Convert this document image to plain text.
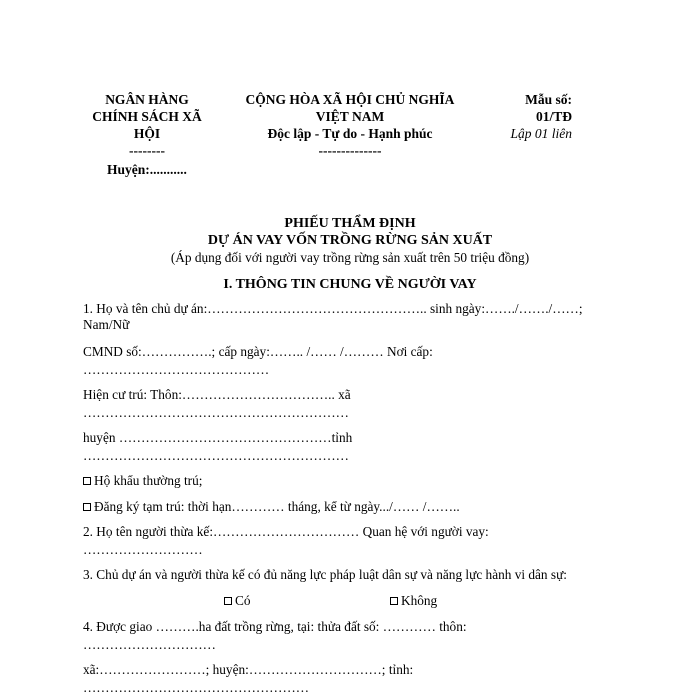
NGÂN HÀNG
CHÍNH SÁCH XÃ
HỘI
--------
Huyện:...........
CỘNG HÒA XÃ HỘI CHỦ NGHĨA
VIỆT NAM
Độc lập - Tự do - Hạnh phúc
--------------
Mẫu số:
01/TĐ
Lập 01 liên
PHIẾU THẨM ĐỊNH
DỰ ÁN VAY VỐN TRỒNG RỪNG SẢN XUẤT
(Áp dụng đối với người vay trồng rừng sản xuất trên 50 triệu đồng)
I. THÔNG TIN CHUNG VỀ NGƯỜI VAY
1. Họ và tên chủ dự án:………………………………………….. sinh ngày:……./……./……;
Nam/Nữ
CMND số:…………….; cấp ngày:…….. /…… /……… Nơi cấp:
……………………………………
Hiện cư trú: Thôn:…………………………….. xã
……………………………………………………
huyện …………………………………………tỉnh
……………………………………………………
Hộ khẩu thường trú;
Đăng ký tạm trú: thời hạn………… tháng, kể từ ngày.../…… /……..
2. Họ tên người thừa kế:…………………………… Quan hệ với người vay:
………………………
3. Chủ dự án và người thừa kế có đủ năng lực pháp luật dân sự và năng lực hành vi dân sự:
Có	Không
4. Được giao ……….ha đất trồng rừng, tại: thửa đất số: ………… thôn:
…………………………
xã:……………………; huyện:…………………………; tỉnh:
……………………………………………
